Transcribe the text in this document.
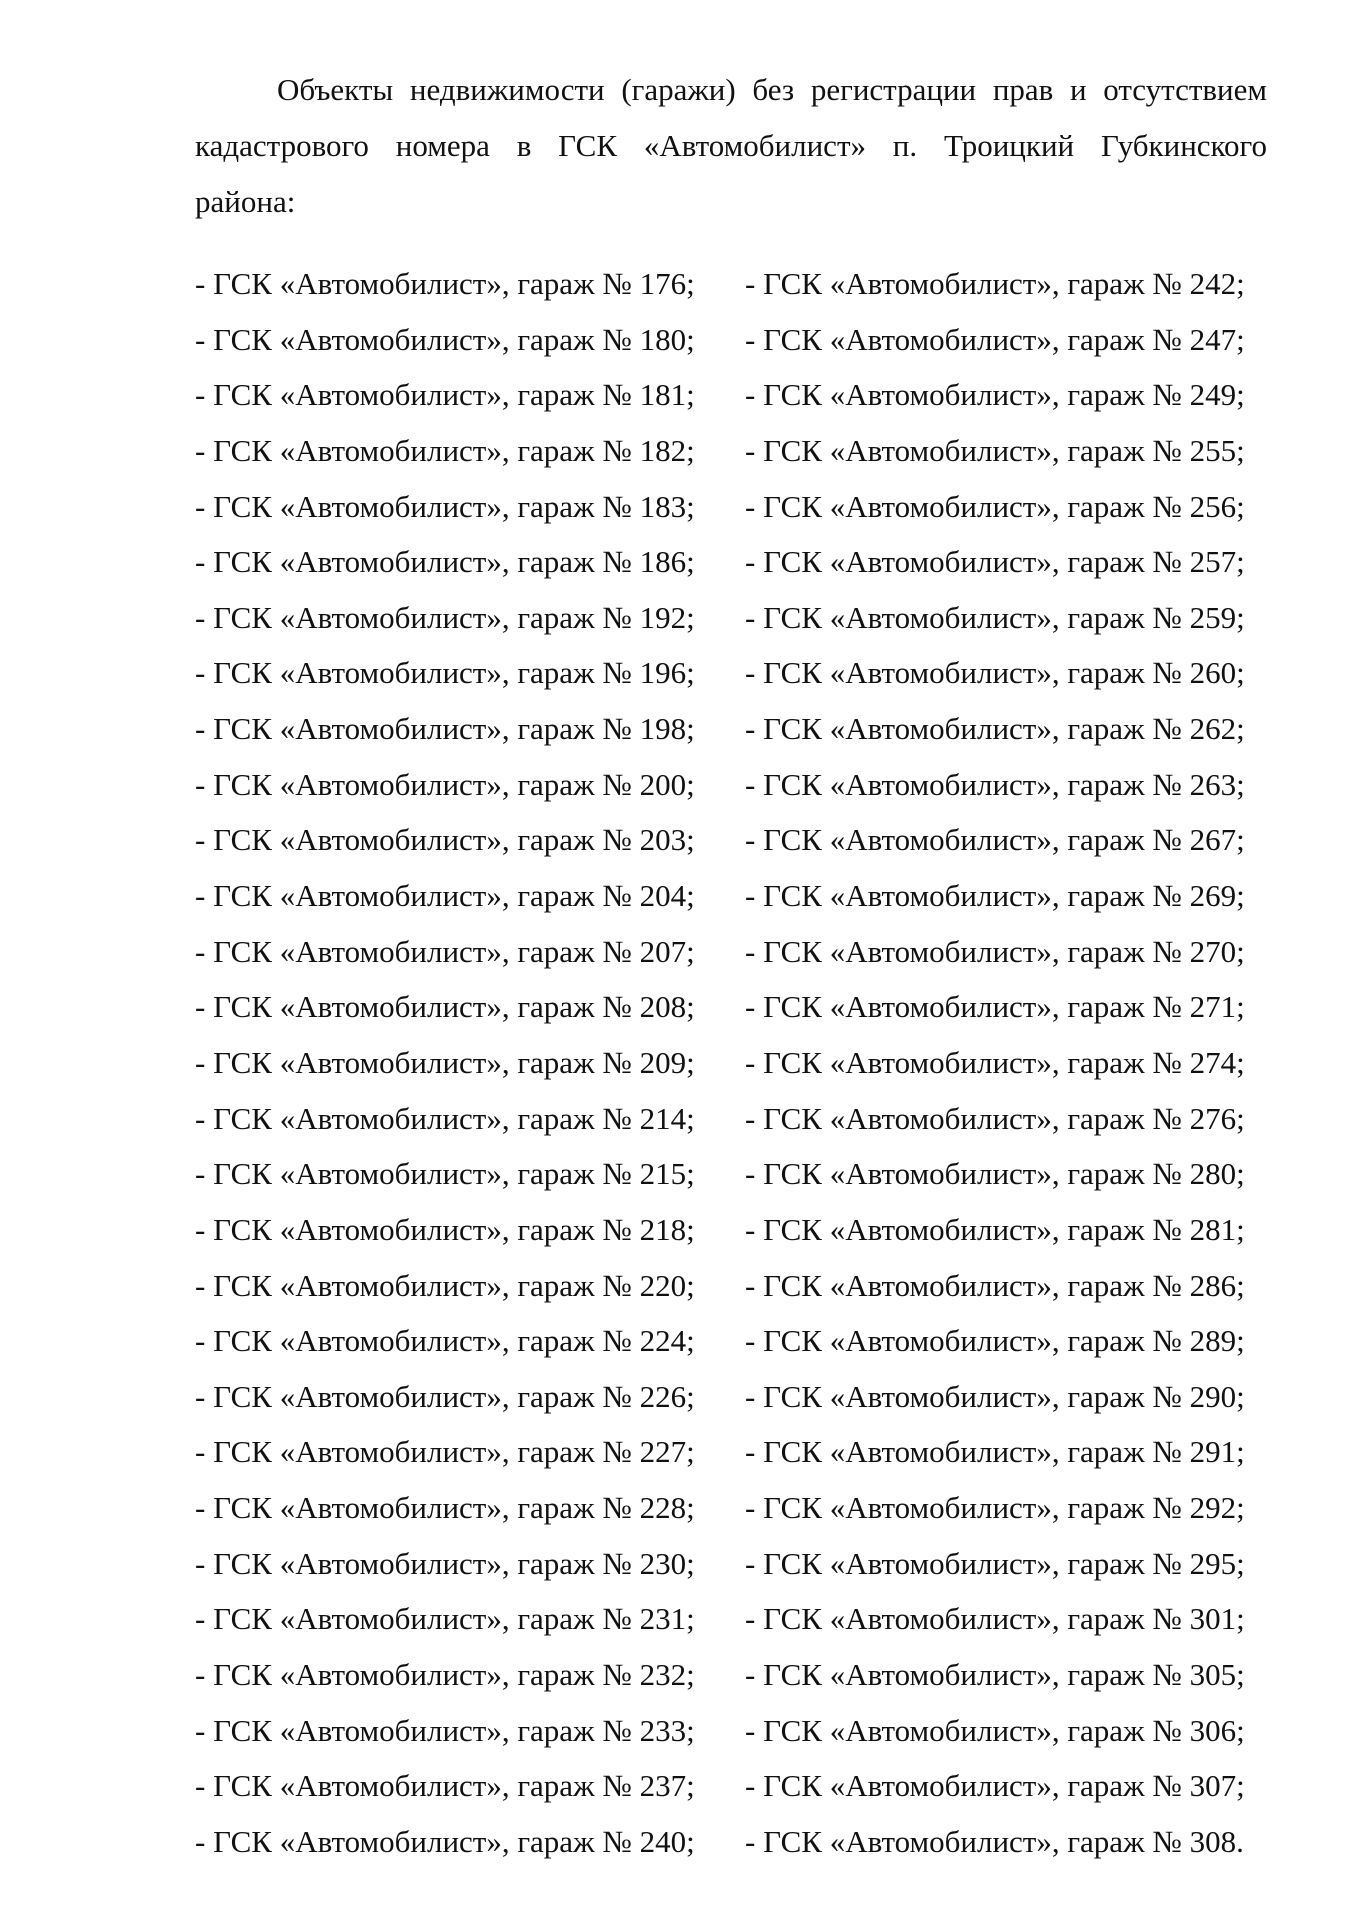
Объекты недвижимости (гаражи) без регистрации прав и отсутствием кадастрового номера в ГСК «Автомобилист» п. Троицкий Губкинского

района:

- ГСК «Автомобилист», гараж № 176;
- ГСК «Автомобилист», гараж № 180;
- ГСК «Автомобилист», гараж № 181;
- ГСК «Автомобилист», гараж № 182;
- ГСК «Автомобилист», гараж № 183;
- ГСК «Автомобилист», гараж № 186;
- ГСК «Автомобилист», гараж № 192;
- ГСК «Автомобилист», гараж № 196;
- ГСК «Автомобилист», гараж № 198;
- ГСК «Автомобилист», гараж № 200;
- ГСК «Автомобилист», гараж № 203;
- ГСК «Автомобилист», гараж № 204;
- ГСК «Автомобилист», гараж № 207;
- ГСК «Автомобилист», гараж № 208;
- ГСК «Автомобилист», гараж № 209;
- ГСК «Автомобилист», гараж № 214;
- ГСК «Автомобилист», гараж № 215;
- ГСК «Автомобилист», гараж № 218;
- ГСК «Автомобилист», гараж № 220;
- ГСК «Автомобилист», гараж № 224;
- ГСК «Автомобилист», гараж № 226;
- ГСК «Автомобилист», гараж № 227;
- ГСК «Автомобилист», гараж № 228;
- ГСК «Автомобилист», гараж № 230;
- ГСК «Автомобилист», гараж № 231;
- ГСК «Автомобилист», гараж № 232;
- ГСК «Автомобилист», гараж № 233;
- ГСК «Автомобилист», гараж № 237;
- ГСК «Автомобилист», гараж № 240;
- ГСК «Автомобилист», гараж № 242;
- ГСК «Автомобилист», гараж № 247;
- ГСК «Автомобилист», гараж № 249;
- ГСК «Автомобилист», гараж № 255;
- ГСК «Автомобилист», гараж № 256;
- ГСК «Автомобилист», гараж № 257;
- ГСК «Автомобилист», гараж № 259;
- ГСК «Автомобилист», гараж № 260;
- ГСК «Автомобилист», гараж № 262;
- ГСК «Автомобилист», гараж № 263;
- ГСК «Автомобилист», гараж № 267;
- ГСК «Автомобилист», гараж № 269;
- ГСК «Автомобилист», гараж № 270;
- ГСК «Автомобилист», гараж № 271;
- ГСК «Автомобилист», гараж № 274;
- ГСК «Автомобилист», гараж № 276;
- ГСК «Автомобилист», гараж № 280;
- ГСК «Автомобилист», гараж № 281;
- ГСК «Автомобилист», гараж № 286;
- ГСК «Автомобилист», гараж № 289;
- ГСК «Автомобилист», гараж № 290;
- ГСК «Автомобилист», гараж № 291;
- ГСК «Автомобилист», гараж № 292;
- ГСК «Автомобилист», гараж № 295;
- ГСК «Автомобилист», гараж № 301;
- ГСК «Автомобилист», гараж № 305;
- ГСК «Автомобилист», гараж № 306;
- ГСК «Автомобилист», гараж № 307;
- ГСК «Автомобилист», гараж № 308.
